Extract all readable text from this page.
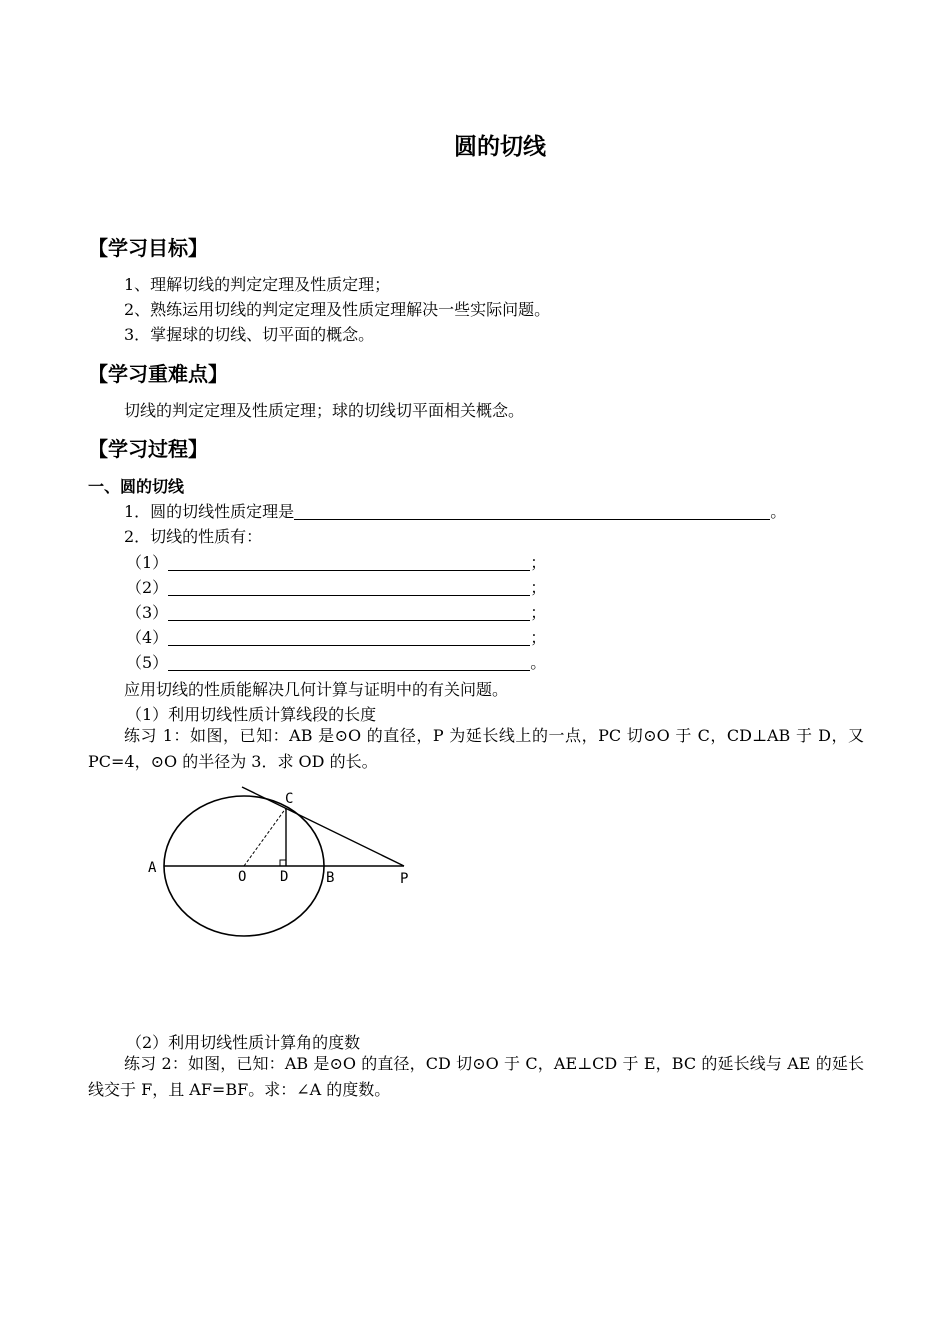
圆的切线
【学习目标】
1、理解切线的判定定理及性质定理；
2、熟练运用切线的判定定理及性质定理解决一些实际问题。
3．掌握球的切线、切平面的概念。
【学习重难点】
切线的判定定理及性质定理；球的切线切平面相关概念。
【学习过程】
一、圆的切线
1．圆的切线性质定理是	。
2．切线的性质有：
（1）	；
（2）	；
（3）	；
（4）	；
（5）	。
应用切线的性质能解决几何计算与证明中的有关问题。
（1）利用切线性质计算线段的长度
练习 1：如图，已知：AB 是⊙O 的直径，P 为延长线上的一点，PC 切⊙O 于 C，CD⊥AB 于 D，又 PC=4，⊙O 的半径为 3．求 OD 的长。
A
O D	B	P
C
（2）利用切线性质计算角的度数
练习 2：如图，已知：AB 是⊙O 的直径，CD 切⊙O 于 C，AE⊥CD 于 E，BC 的延长线与 AE 的延长线交于 F，且 AF=BF。求：∠A 的度数。
